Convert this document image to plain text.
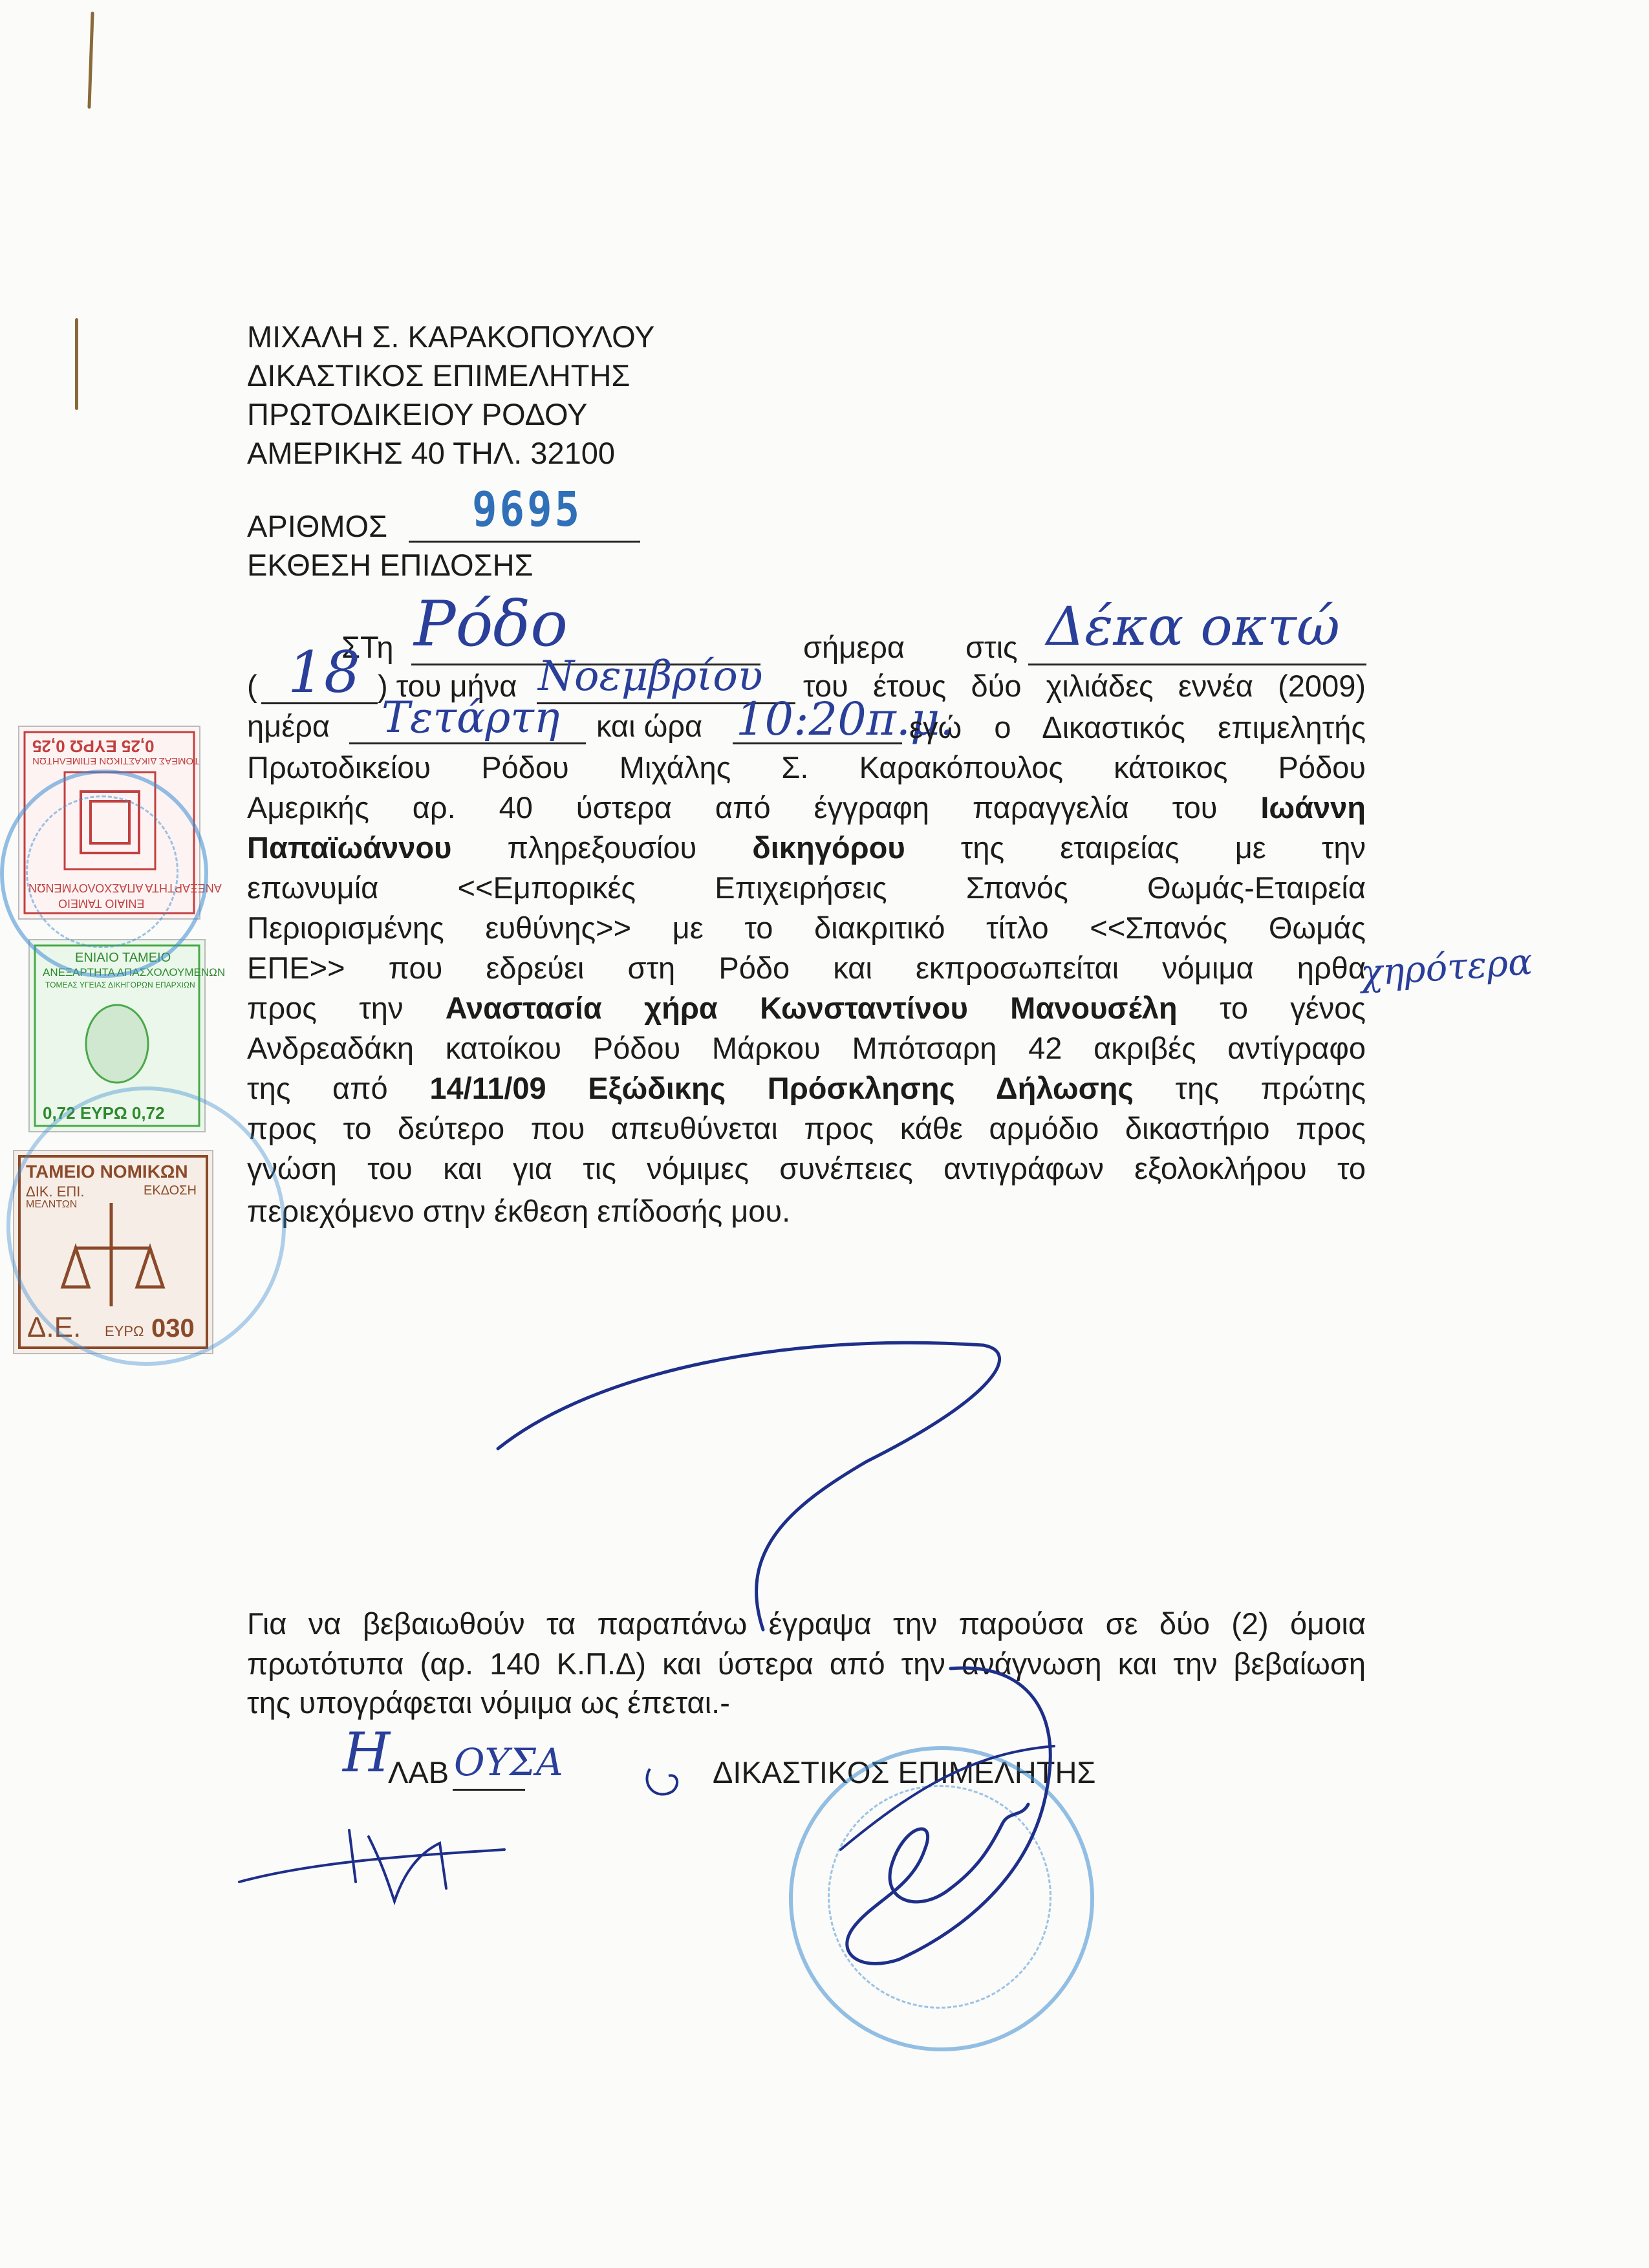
ΜΙΧΑΛΗ Σ. ΚΑΡΑΚΟΠΟΥΛΟΥ
ΔΙΚΑΣΤΙΚΟΣ ΕΠΙΜΕΛΗΤΗΣ
ΠΡΩΤΟΔΙΚΕΙΟΥ ΡΟΔΟΥ
ΑΜΕΡΙΚΗΣ 40 ΤΗΛ. 32100
ΑΡΙΘΜΟΣ 9695
ΕΚΘΕΣΗ ΕΠΙΔΟΣΗΣ
ΣΤη Ρόδο	σήμερα στις Δέκα οκτώ
( 18 ) του μήνα Νοεμβρίου του έτους δύο χιλιάδες εννέα (2009)
ημέρα Τετάρτη και ώρα 10:20π.μ.
εγώ ο Δικαστικός επιμελητής
Πρωτοδικείου Ρόδου Μιχάλης Σ. Καρακόπουλος κάτοικος Ρόδου
Αμερικής αρ. 40 ύστερα από έγγραφη παραγγελία του Ιωάννη
Παπαϊωάννου πληρεξουσίου δικηγόρου της εταιρείας με την
επωνυμία <<Εμπορικές Επιχειρήσεις Σπανός Θωμάς-Εταιρεία
Περιορισμένης ευθύνης>> με το διακριτικό τίτλο <<Σπανός Θωμάς
ΕΠΕ>> που εδρεύει στη Ρόδο και εκπροσωπείται νόμιμα ηρθα
χηρότερα
προς την Αναστασία χήρα Κωνσταντίνου Μανουσέλη το γένος
Ανδρεαδάκη κατοίκου Ρόδου Μάρκου Μπότσαρη 42 ακριβές αντίγραφο
της από 14/11/09 Εξώδικης Πρόσκλησης Δήλωσης της πρώτης
προς το δεύτερο που απευθύνεται προς κάθε αρμόδιο δικαστήριο προς
γνώση του και για τις νόμιμες συνέπειες αντιγράφων εξολοκλήρου το
περιεχόμενο στην έκθεση επίδοσής μου.
0,25 ΕΥΡΩ 0,25
ΤΟΜΕΑΣ ΔΙΚΑΣΤΙΚΩΝ ΕΠΙΜΕΛΗΤΩΝ
ΑΝΕΞΑΡΤΗΤΑ ΑΠΑΣΧΟΛΟΥΜΕΝΩΝ
ΕΝΙΑΙΟ ΤΑΜΕΙΟ
ΕΝΙΑΙΟ ΤΑΜΕΙΟ
ΑΝΕΞΑΡΤΗΤΑ ΑΠΑΣΧΟΛΟΥΜΕΝΩΝ
ΤΟΜΕΑΣ ΥΓΕΙΑΣ ΔΙΚΗΓΟΡΩΝ ΕΠΑΡΧΙΩΝ
0,72 ΕΥΡΩ 0,72
ΤΑΜΕΙΟ ΝΟΜΙΚΩΝ
ΔΙΚ. ΕΠΙ.
ΜΕΛΝΤΩΝ
ΕΚΔΟΣΗ
Δ.Ε. ΕΥΡΩ 030
Για να βεβαιωθούν τα παραπάνω έγραψα την παρούσα σε δύο (2) όμοια
πρωτότυπα (αρ. 140 Κ.Π.Δ) και ύστερα από την ανάγνωση και την βεβαίωση
της υπογράφεται νόμιμα ως έπεται.-
Η
ΛΑΒ ΟΥΣΑ	ΔΙΚΑΣΤΙΚΟΣ ΕΠΙΜΕΛΗΤΗΣ
